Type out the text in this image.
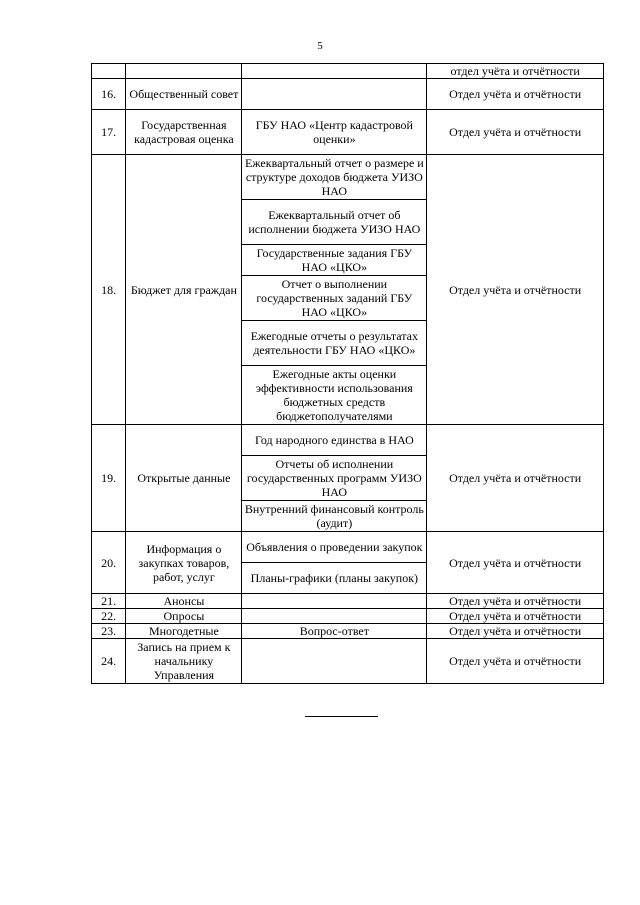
5
			отдел учёта и отчётности
16.	Общественный совет		Отдел учёта и отчётности
17.	Государственная кадастровая оценка	ГБУ НАО «Центр кадастровой оценки»	Отдел учёта и отчётности
18.	Бюджет для граждан	Ежеквартальный отчет о размере и структуре доходов бюджета УИЗО НАО	Отдел учёта и отчётности
		Ежеквартальный отчет об исполнении бюджета УИЗО НАО	
		Государственные задания ГБУ НАО «ЦКО»	
		Отчет о выполнении государственных заданий ГБУ НАО «ЦКО»	
		Ежегодные отчеты о результатах деятельности ГБУ НАО «ЦКО»	
		Ежегодные акты оценки эффективности использования бюджетных средств бюджетополучателями	
19.	Открытые данные	Год народного единства в НАО	Отдел учёта и отчётности
		Отчеты об исполнении государственных программ УИЗО НАО	
		Внутренний финансовый контроль (аудит)	
20.	Информация о закупках товаров, работ, услуг	Объявления о проведении закупок	Отдел учёта и отчётности
		Планы-графики (планы закупок)	
21.	Анонсы		Отдел учёта и отчётности
22.	Опросы		Отдел учёта и отчётности
23.	Многодетные	Вопрос-ответ	Отдел учёта и отчётности
24.	Запись на прием к начальнику Управления		Отдел учёта и отчётности
